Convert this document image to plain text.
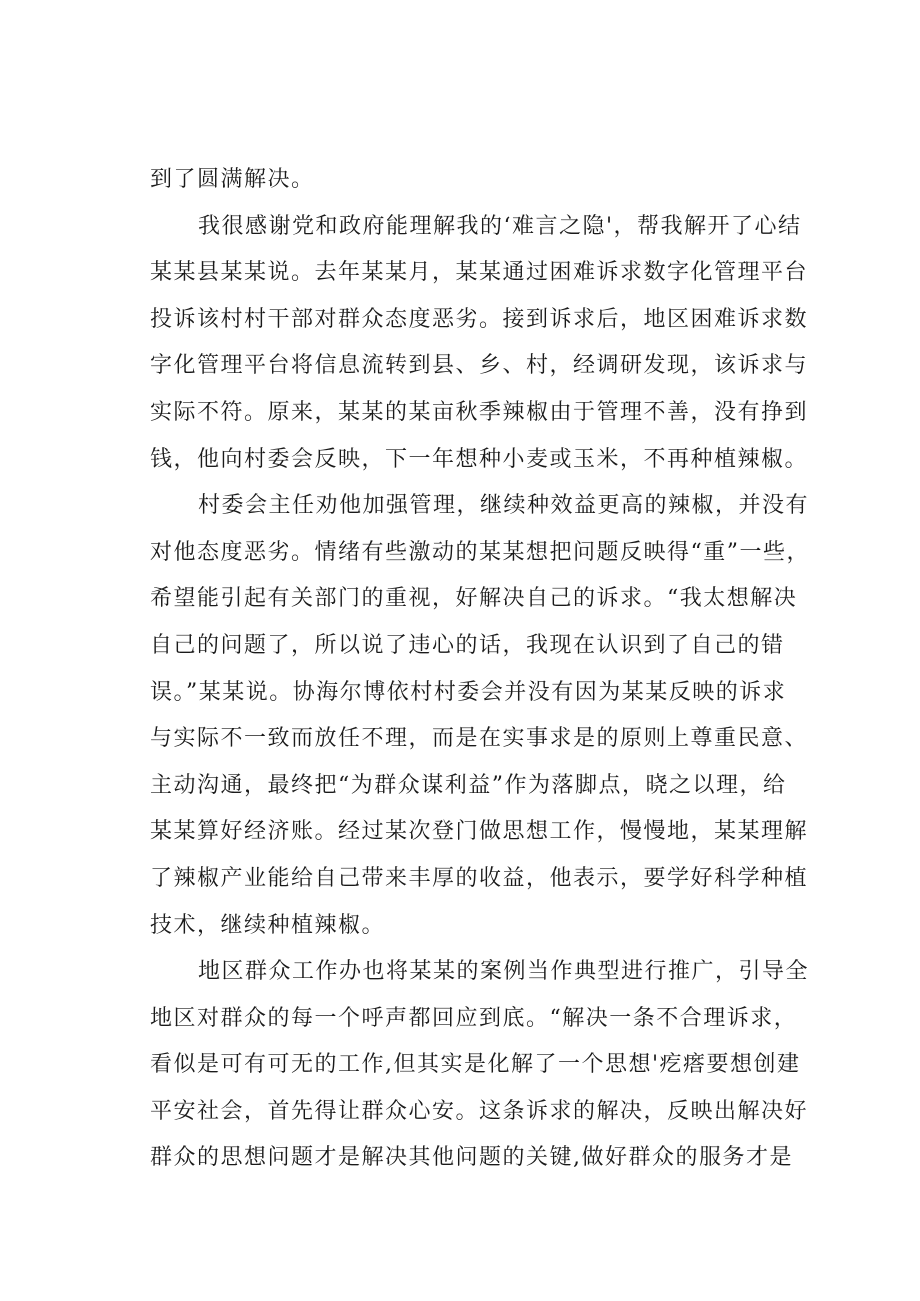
到了圆满解决。
我很感谢党和政府能理解我的‘难言之隐'，帮我解开了心结
某某县某某说。去年某某月，某某通过困难诉求数字化管理平台
投诉该村村干部对群众态度恶劣。接到诉求后，地区困难诉求数
字化管理平台将信息流转到县、乡、村，经调研发现，该诉求与
实际不符。原来，某某的某亩秋季辣椒由于管理不善，没有挣到
钱，他向村委会反映，下一年想种小麦或玉米，不再种植辣椒。
村委会主任劝他加强管理，继续种效益更高的辣椒，并没有
对他态度恶劣。情绪有些激动的某某想把问题反映得“重”一些，
希望能引起有关部门的重视，好解决自己的诉求。“我太想解决
自己的问题了，所以说了违心的话，我现在认识到了自己的错
误。”某某说。协海尔博依村村委会并没有因为某某反映的诉求
与实际不一致而放任不理，而是在实事求是的原则上尊重民意、
主动沟通，最终把“为群众谋利益”作为落脚点，晓之以理，给
某某算好经济账。经过某次登门做思想工作，慢慢地，某某理解
了辣椒产业能给自己带来丰厚的收益，他表示，要学好科学种植
技术，继续种植辣椒。
地区群众工作办也将某某的案例当作典型进行推广，引导全
地区对群众的每一个呼声都回应到底。“解决一条不合理诉求，
看似是可有可无的工作,但其实是化解了一个思想'疙瘩要想创建
平安社会，首先得让群众心安。这条诉求的解决，反映出解决好
群众的思想问题才是解决其他问题的关键,做好群众的服务才是
